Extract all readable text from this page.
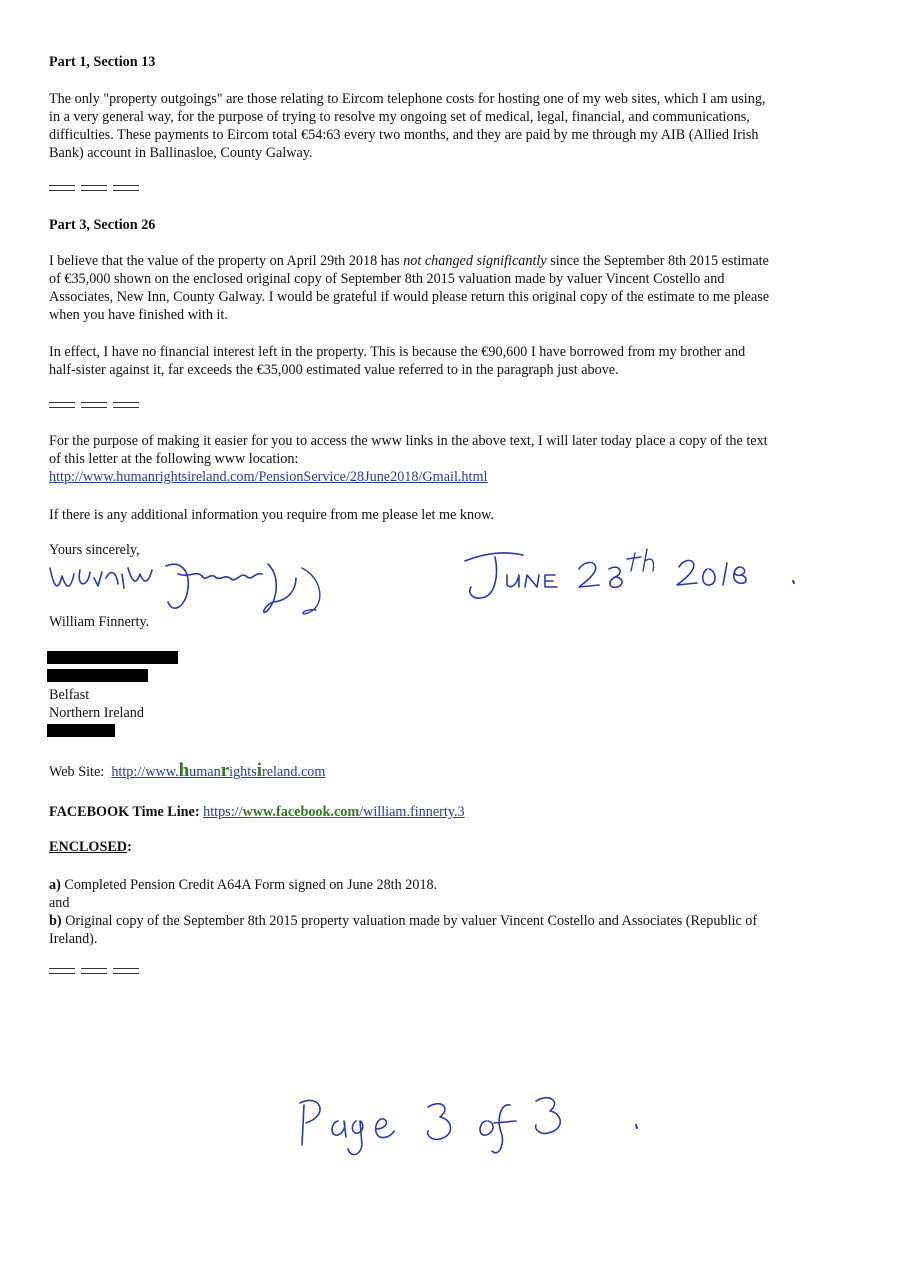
Part 1, Section 13

The only "property outgoings" are those relating to Eircom telephone costs for hosting one of my web sites, which I am using,
in a very general way, for the purpose of trying to resolve my ongoing set of medical, legal, financial, and communications,
difficulties. These payments to Eircom total €54:63 every two months, and they are paid by me through my AIB (Allied Irish
Bank) account in Ballinasloe, County Galway.

Part 3, Section 26

I believe that the value of the property on April 29th 2018 has not changed significantly since the September 8th 2015 estimate
of €35,000 shown on the enclosed original copy of September 8th 2015 valuation made by valuer Vincent Costello and
Associates, New Inn, County Galway. I would be grateful if would please return this original copy of the estimate to me please
when you have finished with it.

In effect, I have no financial interest left in the property. This is because the €90,600 I have borrowed from my brother and
half-sister against it, far exceeds the €35,000 estimated value referred to in the paragraph just above.

For the purpose of making it easier for you to access the www links in the above text, I will later today place a copy of the text
of this letter at the following www location:
http://www.humanrightsireland.com/PensionService/28June2018/Gmail.html

If there is any additional information you require from me please let me know.

Yours sincerely,

William Finnerty.

Belfast

Northern Ireland

Web Site: http://www.humanrightsireland.com

FACEBOOK Time Line: https://www.facebook.com/william.finnerty.3

ENCLOSED:

a) Completed Pension Credit A64A Form signed on June 28th 2018.
and
b) Original copy of the September 8th 2015 property valuation made by valuer Vincent Costello and Associates (Republic of
Ireland).
